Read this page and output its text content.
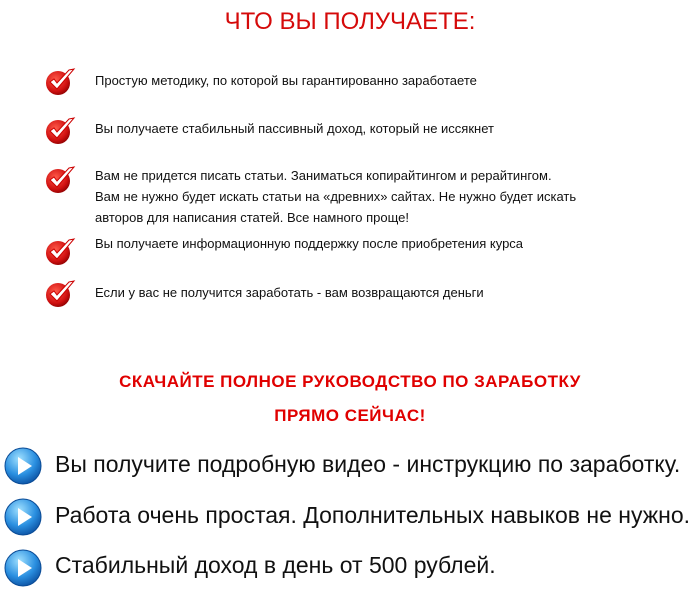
ЧТО ВЫ ПОЛУЧАЕТЕ:
Простую методику, по которой вы гарантированно заработаете
Вы получаете стабильный пассивный доход, который не иссякнет
Вам не придется писать статьи. Заниматься копирайтингом и рерайтингом.
Вам не нужно будет искать статьи на «древних» сайтах. Не нужно будет искать
авторов для написания статей. Все намного проще!
Вы получаете информационную поддержку после приобретения курса
Если у вас не получится заработать - вам возвращаются деньги
СКАЧАЙТЕ ПОЛНОЕ РУКОВОДСТВО ПО ЗАРАБОТКУ
ПРЯМО СЕЙЧАС!
Вы получите подробную видео - инструкцию по заработку.
Работа очень простая. Дополнительных навыков не нужно.
Стабильный доход в день от 500 рублей.
